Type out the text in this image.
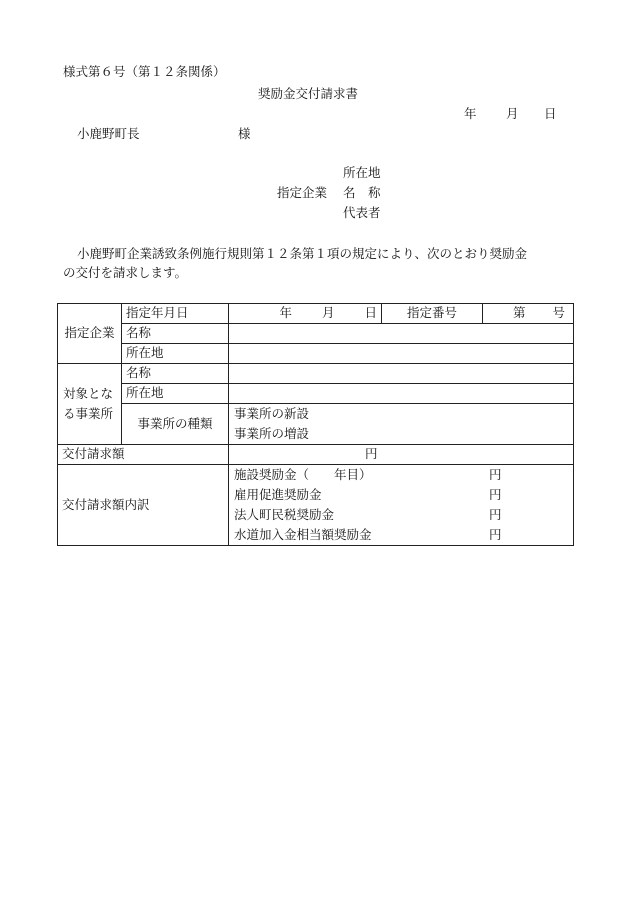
様式第６号（第１２条関係）
奨励金交付請求書
年 月 日
小鹿野町長	様
所在地
指定企業 名　称
代表者
小鹿野町企業誘致条例施行規則第１２条第１項の規定により、次のとおり奨励金
の交付を請求します。
指定企業	指定年月日	年 月 日	指定番号	第 号

	名称			
	所在地			

対象とな
る事業所	名称			
	所在地			
	事業所の種類	事業所の新設
事業所の増設		

交付請求額		円		
交付請求額内訳		施設奨励金（　　年目） 円
雇用促進奨励金 円
法人町民税奨励金 円
水道加入金相当額奨励金 円		
